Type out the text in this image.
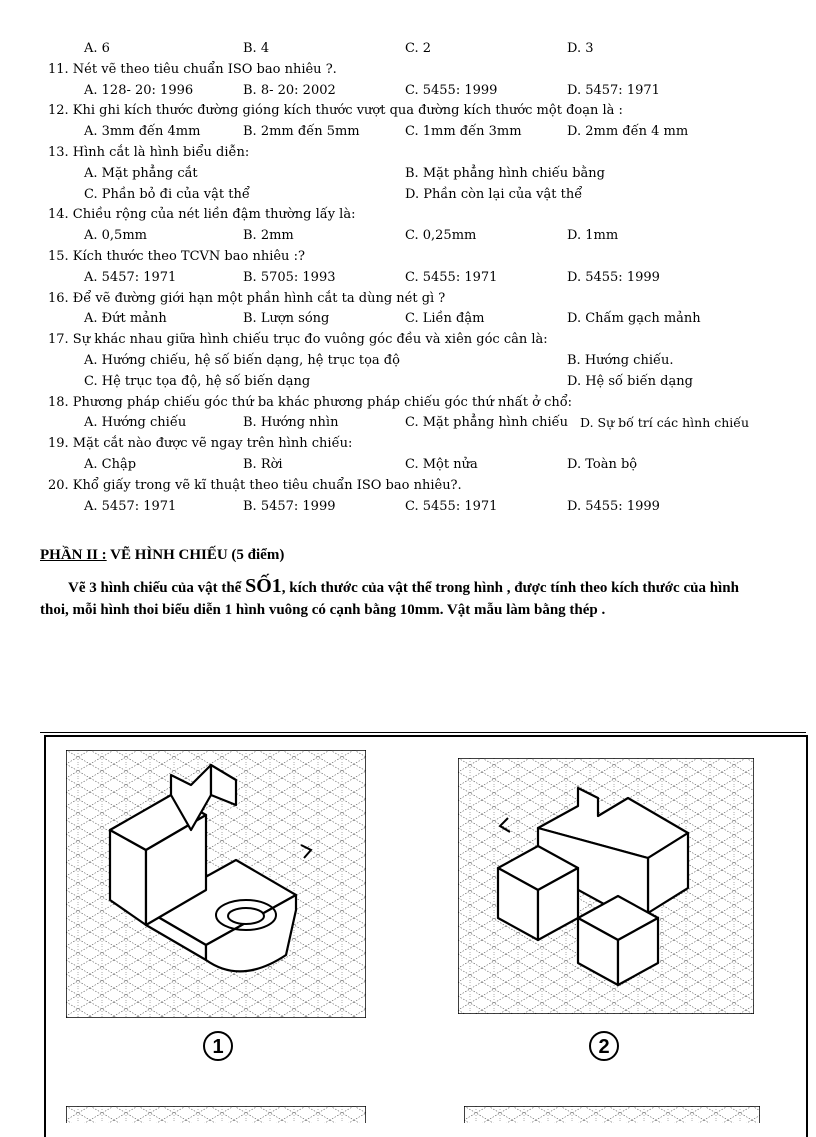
A. 6	B. 4	C. 2	D. 3
11. Nét vẽ theo tiêu chuẩn ISO bao nhiêu ?.
A. 128- 20: 1996	B. 8- 20: 2002	C. 5455: 1999	D. 5457: 1971
12. Khi ghi kích thước đường gióng kích thước vượt qua đường kích thước một đoạn là :
A. 3mm đến 4mm	B. 2mm đến 5mm	C. 1mm đến 3mm	D. 2mm đến 4 mm
13. Hình cắt là hình biểu diễn:
A. Mặt phẳng cắt	B. Mặt phẳng hình chiếu bằng
C. Phần bỏ đi của vật thể	D. Phần còn lại của vật thể
14. Chiều rộng của nét liền đậm thường lấy là:
A. 0,5mm	B. 2mm	C. 0,25mm	D. 1mm
15. Kích thước theo TCVN bao nhiêu :?
A. 5457: 1971	B. 5705: 1993	C. 5455: 1971	D. 5455: 1999
16. Để vẽ đường giới hạn một phần hình cắt ta dùng nét gì ?
A. Đứt mảnh	B. Lượn sóng	C. Liền đậm	D. Chấm gạch mảnh
17. Sự khác nhau giữa hình chiếu trục đo vuông góc đều và xiên góc cân là:
A. Hướng chiếu, hệ số biến dạng, hệ trục tọa độ	B. Hướng chiếu.
C. Hệ trục tọa độ, hệ số biến dạng	D. Hệ số biến dạng
18. Phương pháp chiếu góc thứ ba khác phương pháp chiếu góc thứ nhất ở chổ:
A. Hướng chiếu	B. Hướng nhìn	C. Mặt phẳng hình chiếu D. Sự bố trí các hình chiếu
19. Mặt cắt nào được vẽ ngay trên hình chiếu:
A. Chập	B. Rời	C. Một nửa	D. Toàn bộ
20. Khổ giấy trong vẽ kĩ thuật theo tiêu chuẩn ISO bao nhiêu?.
A. 5457: 1971	B. 5457: 1999	C. 5455: 1971	D. 5455: 1999
PHẦN II : VẼ HÌNH CHIẾU (5 điểm)
Vẽ 3 hình chiếu của vật thể SỐ1, kích thước của vật thể trong hình , được tính theo kích thước của hình thoi, mỗi hình thoi biểu diễn 1 hình vuông có cạnh bằng 10mm. Vật mẫu làm bằng thép .
1	2
